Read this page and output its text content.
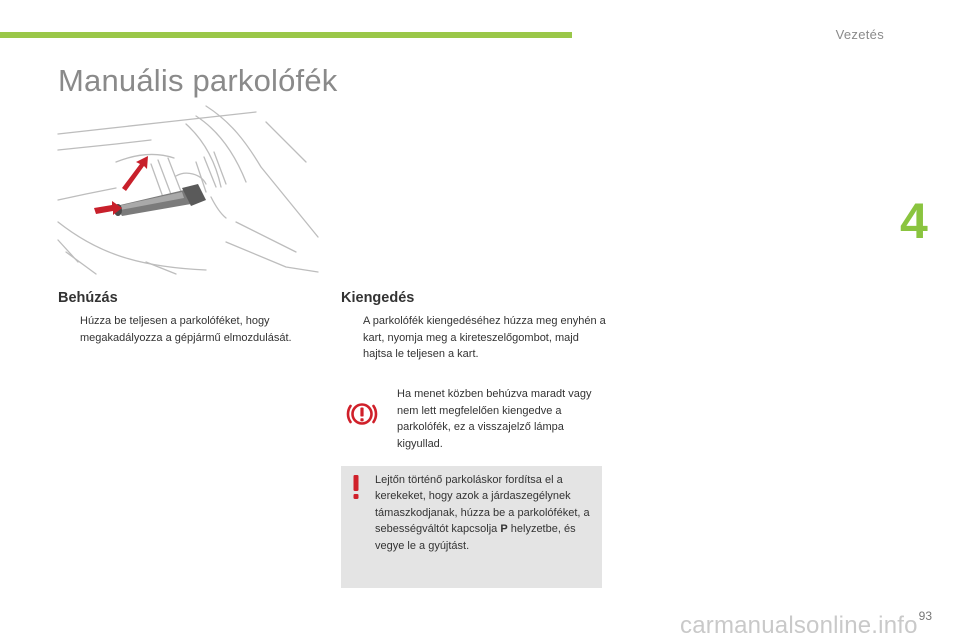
Vezetés
4
Manuális parkolófék
Behúzás
Húzza be teljesen a parkolóféket, hogy megakadályozza a gépjármű elmozdulását.
Kiengedés
A parkolófék kiengedéséhez húzza meg enyhén a kart, nyomja meg a kireteszelőgombot, majd hajtsa le teljesen a kart.
Ha menet közben behúzva maradt vagy nem lett megfelelően kiengedve a parkolófék, ez a visszajelző lámpa kigyullad.
Lejtőn történő parkoláskor fordítsa el a kerekeket, hogy azok a járdaszegélynek támaszkodjanak, húzza be a parkolóféket, a sebességváltót kapcsolja P helyzetbe, és vegye le a gyújtást.
93
carmanualsonline.info
